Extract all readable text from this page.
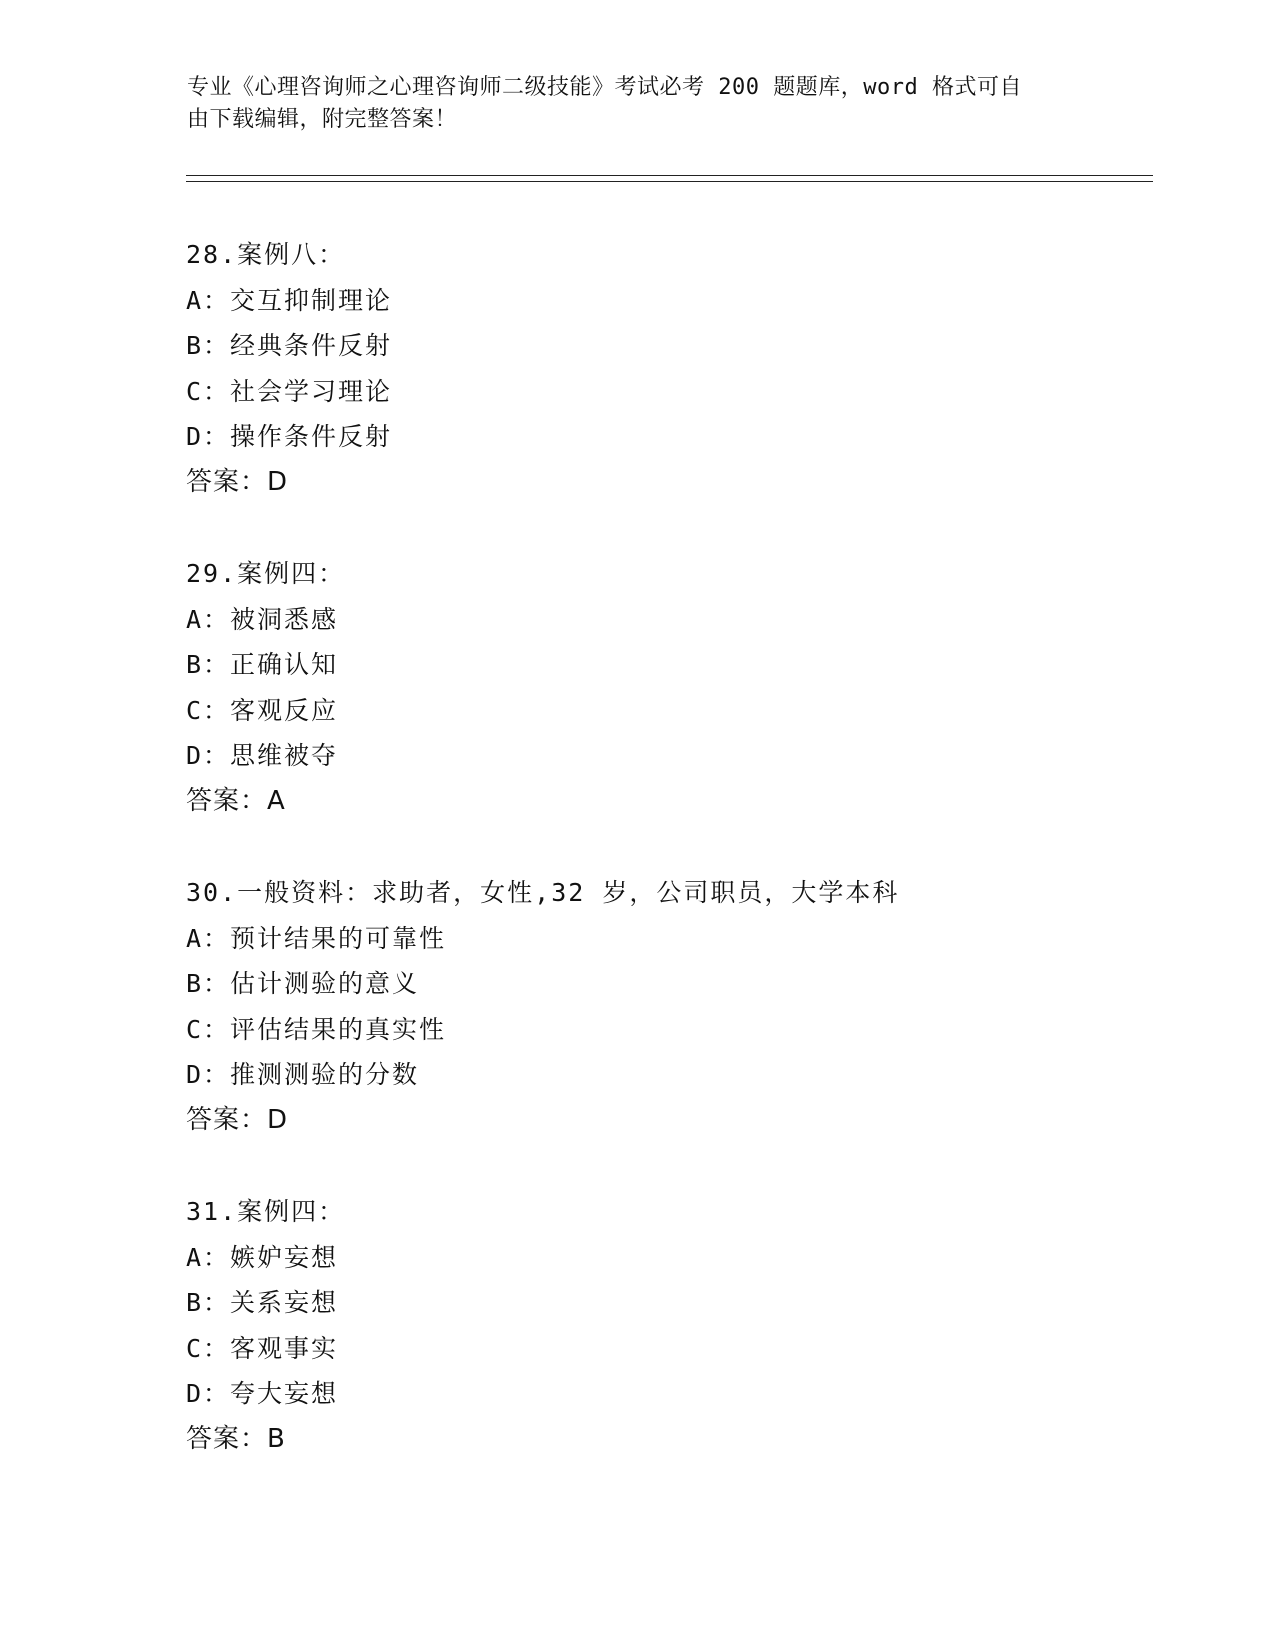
专业《心理咨询师之心理咨询师二级技能》考试必考 200 题题库，word 格式可自
由下载编辑，附完整答案！
28.案例八：
A：交互抑制理论
B：经典条件反射
C：社会学习理论
D：操作条件反射
答案：D
29.案例四：
A：被洞悉感
B：正确认知
C：客观反应
D：思维被夺
答案：A
30.一般资料：求助者，女性,32 岁，公司职员，大学本科
A：预计结果的可靠性
B：估计测验的意义
C：评估结果的真实性
D：推测测验的分数
答案：D
31.案例四：
A：嫉妒妄想
B：关系妄想
C：客观事实
D：夸大妄想
答案：B
